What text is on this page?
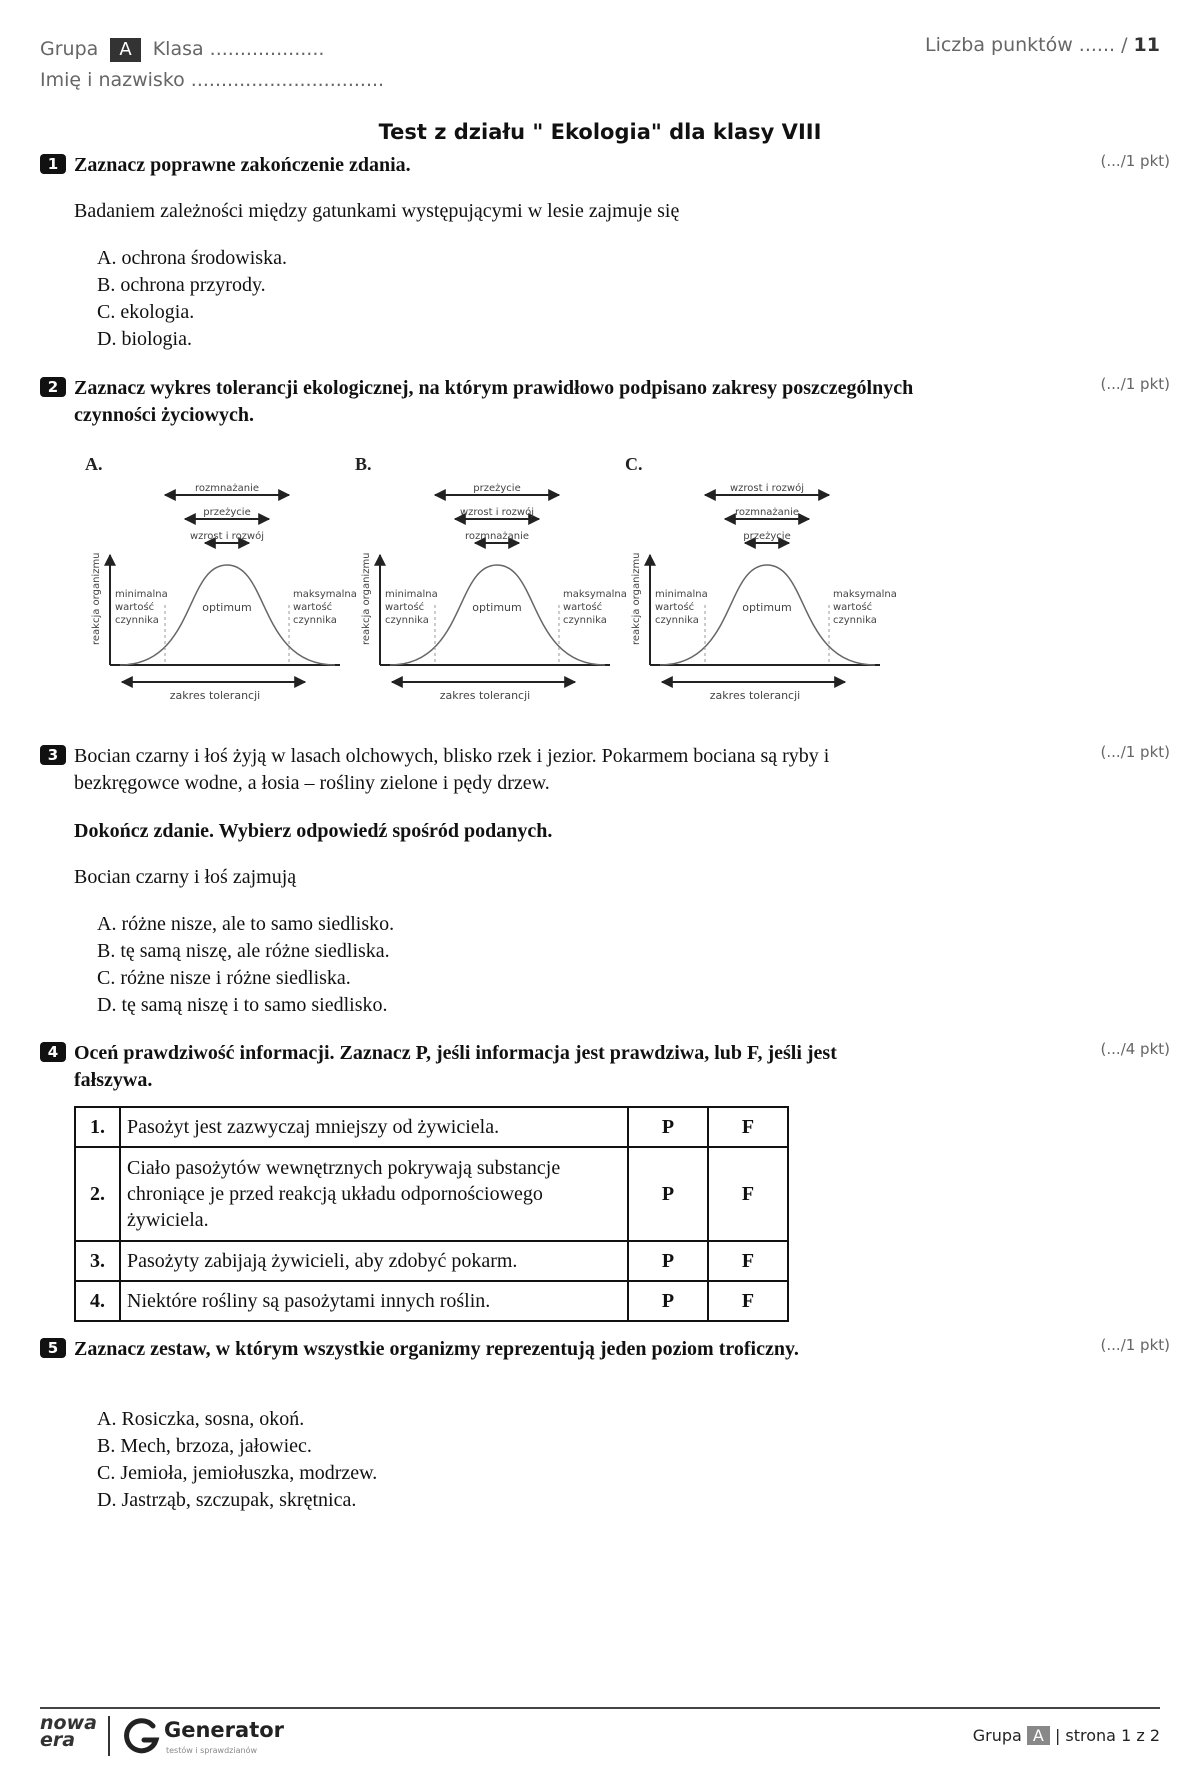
Grupa A Klasa ...................
Imię i nazwisko ................................
Liczba punktów ...... / 11
Test z działu " Ekologia" dla klasy VIII
1 Zaznacz poprawne zakończenie zdania.	(.../1 pkt)
Badaniem zależności między gatunkami występującymi w lesie zajmuje się
A. ochrona środowiska.
B. ochrona przyrody.
C. ekologia.
D. biologia.
2 Zaznacz wykres tolerancji ekologicznej, na którym prawidłowo podpisano zakresy poszczególnych czynności życiowych.
(.../1 pkt)
A.
rozmnażanie
przeżycie
wzrost i rozwój
minimalna
wartość
czynnika
optimum
maksymalna
wartość
czynnika
reakcja organizmu
zakres tolerancji
B.
przeżycie
wzrost i rozwój
rozmnażanie
minimalna
wartość
czynnika
optimum
maksymalna
wartość
czynnika
reakcja organizmu
zakres tolerancji
C.
wzrost i rozwój
rozmnażanie
przeżycie
minimalna
wartość
czynnika
optimum
maksymalna
wartość
czynnika
reakcja organizmu
zakres tolerancji
3 Bocian czarny i łoś żyją w lasach olchowych, blisko rzek i jezior. Pokarmem bociana są ryby i bezkręgowce wodne, a łosia – rośliny zielone i pędy drzew.
(.../1 pkt)
Dokończ zdanie. Wybierz odpowiedź spośród podanych.
Bocian czarny i łoś zajmują
A. różne nisze, ale to samo siedlisko.
B. tę samą niszę, ale różne siedliska.
C. różne nisze i różne siedliska.
D. tę samą niszę i to samo siedlisko.
4 Oceń prawdziwość informacji. Zaznacz P, jeśli informacja jest prawdziwa, lub F, jeśli jest fałszywa.
(.../4 pkt)
1.	Pasożyt jest zazwyczaj mniejszy od żywiciela.	P	F
2.	Ciało pasożytów wewnętrznych pokrywają substancje chroniące je przed reakcją układu odpornościowego żywiciela.	P	F
3.	Pasożyty zabijają żywicieli, aby zdobyć pokarm.	P	F
4.	Niektóre rośliny są pasożytami innych roślin.	P	F
5 Zaznacz zestaw, w którym wszystkie organizmy reprezentują jeden poziom troficzny.	(.../1 pkt)
A. Rosiczka, sosna, okoń.
B. Mech, brzoza, jałowiec.
C. Jemioła, jemiołuszka, modrzew.
D. Jastrząb, szczupak, skrętnica.
nowa
era	Generator
testów i sprawdzianów
Grupa A | strona 1 z 2
